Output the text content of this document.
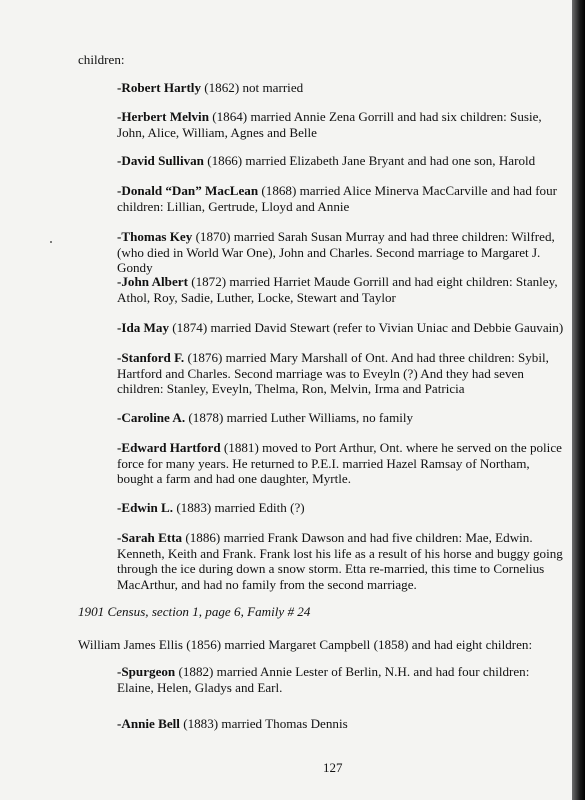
children:

-Robert Hartly (1862) not married

-Herbert Melvin (1864) married Annie Zena Gorrill and had six children: Susie, John, Alice, William, Agnes and Belle

-David Sullivan (1866) married Elizabeth Jane Bryant and had one son, Harold

-Donald “Dan” MacLean (1868) married Alice Minerva MacCarville and had four children: Lillian, Gertrude, Lloyd and Annie

-Thomas Key (1870) married Sarah Susan Murray and had three children: Wilfred, (who died in World War One), John and Charles. Second marriage to Margaret J. Gondy

-John Albert (1872) married Harriet Maude Gorrill and had eight children: Stanley, Athol, Roy, Sadie, Luther, Locke, Stewart and Taylor

-Ida May (1874) married David Stewart (refer to Vivian Uniac and Debbie Gauvain)

-Stanford F. (1876) married Mary Marshall of Ont. And had three children: Sybil, Hartford and Charles. Second marriage was to Eveyln (?) And they had seven children: Stanley, Eveyln, Thelma, Ron, Melvin, Irma and Patricia

-Caroline A. (1878) married Luther Williams, no family

-Edward Hartford (1881) moved to Port Arthur, Ont. where he served on the police force for many years. He returned to P.E.I. married Hazel Ramsay of Northam, bought a farm and had one daughter, Myrtle.

-Edwin L. (1883) married Edith (?)

-Sarah Etta (1886) married Frank Dawson and had five children: Mae, Edwin. Kenneth, Keith and Frank. Frank lost his life as a result of his horse and buggy going through the ice during down a snow storm. Etta re-married, this time to Cornelius MacArthur, and had no family from the second marriage.

1901 Census, section 1, page 6, Family # 24
William James Ellis (1856) married Margaret Campbell (1858) and had eight children:

-Spurgeon (1882) married Annie Lester of Berlin, N.H. and had four children: Elaine, Helen, Gladys and Earl.

-Annie Bell (1883) married Thomas Dennis

127
